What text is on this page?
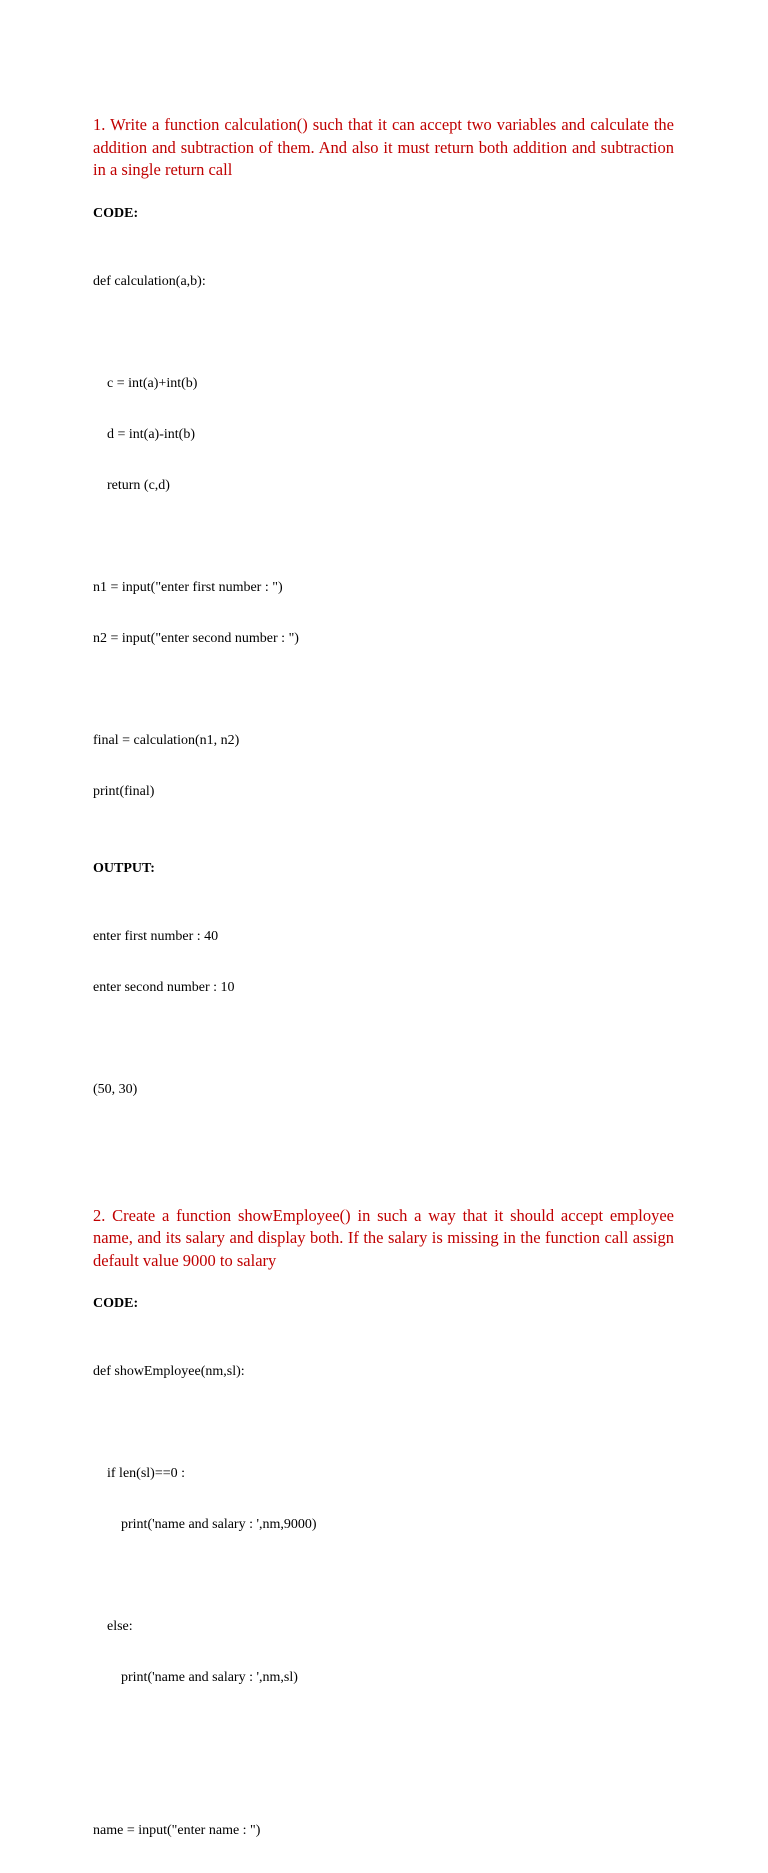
1. Write a function calculation() such that it can accept two variables and calculate the addition and subtraction of them. And also it must return both addition and subtraction in a single return call

CODE:

def calculation(a,b):

c = int(a)+int(b)

d = int(a)-int(b)

return (c,d)

n1 = input("enter first number : ")

n2 = input("enter second number : ")

final = calculation(n1, n2)

print(final)

OUTPUT:

enter first number : 40

enter second number : 10

(50, 30)

2. Create a function showEmployee() in such a way that it should accept employee name, and its salary and display both. If the salary is missing in the function call assign default value 9000 to salary

CODE:

def showEmployee(nm,sl):

if len(sl)==0 :

print('name and salary : ',nm,9000)

else:

print('name and salary : ',nm,sl)

name = input("enter name : ")
